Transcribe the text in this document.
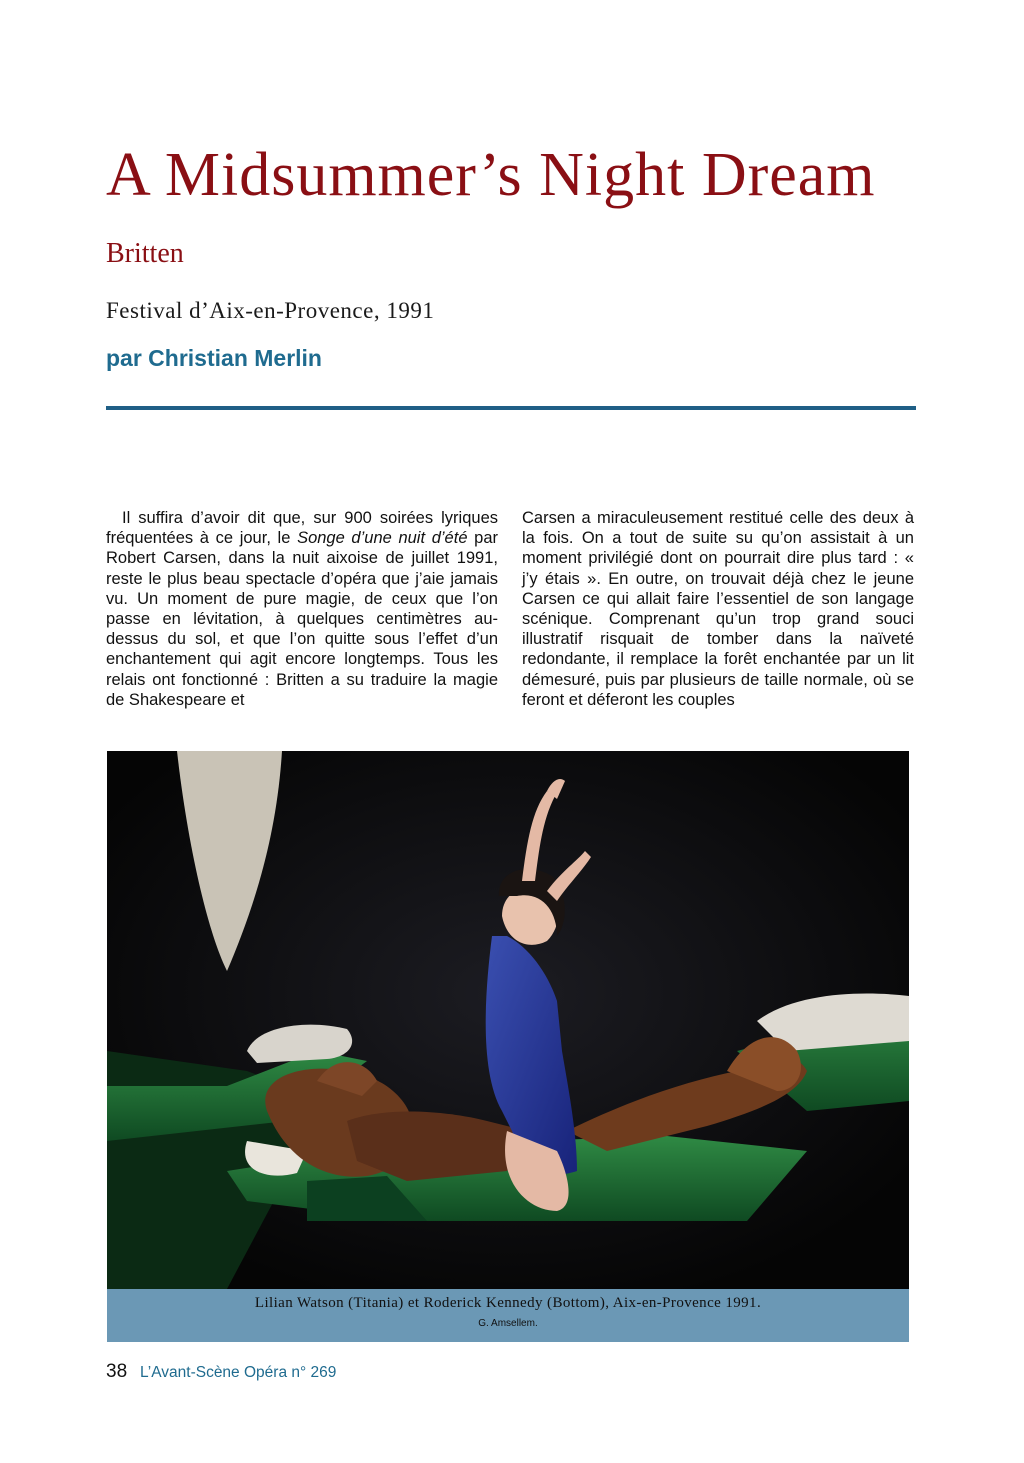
A Midsummer’s Night Dream
Britten
Festival d’Aix-en-Provence, 1991
par Christian Merlin

Il suffira d’avoir dit que, sur 900 soirées lyriques fréquentées à ce jour, le Songe d’une nuit d’été par Robert Carsen, dans la nuit aixoise de juillet 1991, reste le plus beau spectacle d’opéra que j’aie jamais vu. Un moment de pure magie, de ceux que l’on passe en lévitation, à quelques centimètres au-dessus du sol, et que l’on quitte sous l’effet d’un enchantement qui agit encore longtemps. Tous les relais ont fonctionné : Britten a su traduire la magie de Shakespeare et

Carsen a miraculeusement restitué celle des deux à la fois. On a tout de suite su qu’on assistait à un moment privilégié dont on pourrait dire plus tard : « j’y étais ». En outre, on trouvait déjà chez le jeune Carsen ce qui allait faire l’essentiel de son langage scénique. Comprenant qu’un trop grand souci illustratif risquait de tomber dans la naïveté redondante, il remplace la forêt enchantée par un lit démesuré, puis par plusieurs de taille normale, où se feront et déferont les couples

Lilian Watson (Titania) et Roderick Kennedy (Bottom), Aix-en-Provence 1991.
G. Amsellem.
38 L’Avant-Scène Opéra n° 269
